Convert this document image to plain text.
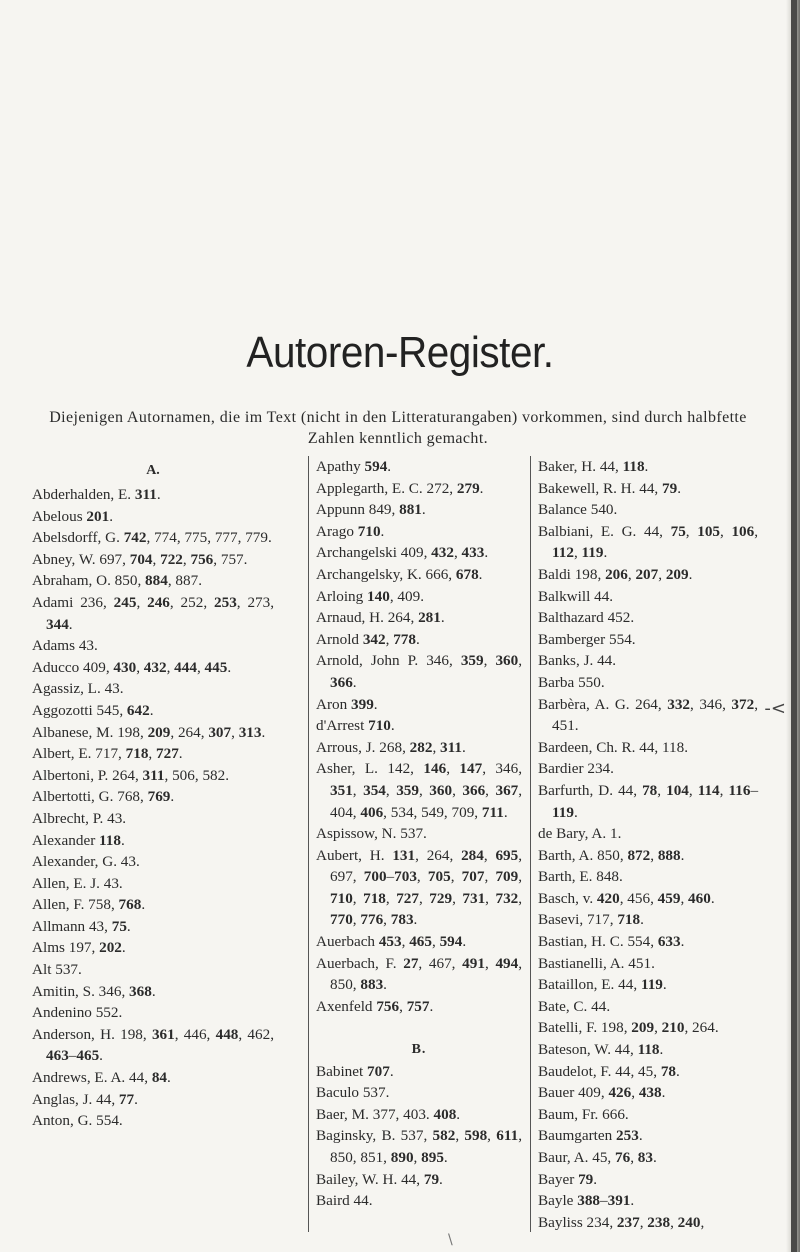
-<
\
Autoren-Register.
Diejenigen Autornamen, die im Text (nicht in den Litteraturangaben) vorkommen, sind durch halbfette Zahlen kenntlich gemacht.
A.

Abderhalden, E. 311.

Abelous 201.

Abelsdorff, G. 742, 774, 775, 777, 779.

Abney, W. 697, 704, 722, 756, 757.

Abraham, O. 850, 884, 887.

Adami 236, 245, 246, 252, 253, 273, 344.

Adams 43.

Aducco 409, 430, 432, 444, 445.

Agassiz, L. 43.

Aggozotti 545, 642.

Albanese, M. 198, 209, 264, 307, 313.

Albert, E. 717, 718, 727.

Albertoni, P. 264, 311, 506, 582.

Albertotti, G. 768, 769.

Albrecht, P. 43.

Alexander 118.

Alexander, G. 43.

Allen, E. J. 43.

Allen, F. 758, 768.

Allmann 43, 75.

Alms 197, 202.

Alt 537.

Amitin, S. 346, 368.

Andenino 552.

Anderson, H. 198, 361, 446, 448, 462, 463–465.

Andrews, E. A. 44, 84.

Anglas, J. 44, 77.

Anton, G. 554.

Apathy 594.

Applegarth, E. C. 272, 279.

Appunn 849, 881.

Arago 710.

Archangelski 409, 432, 433.

Archangelsky, K. 666, 678.

Arloing 140, 409.

Arnaud, H. 264, 281.

Arnold 342, 778.

Arnold, John P. 346, 359, 360, 366.

Aron 399.

d'Arrest 710.

Arrous, J. 268, 282, 311.

Asher, L. 142, 146, 147, 346, 351, 354, 359, 360, 366, 367, 404, 406, 534, 549, 709, 711.

Aspissow, N. 537.

Aubert, H. 131, 264, 284, 695, 697, 700–703, 705, 707, 709, 710, 718, 727, 729, 731, 732, 770, 776, 783.

Auerbach 453, 465, 594.

Auerbach, F. 27, 467, 491, 494, 850, 883.

Axenfeld 756, 757.

B.

Babinet 707.

Baculo 537.

Baer, M. 377, 403. 408.

Baginsky, B. 537, 582, 598, 611, 850, 851, 890, 895.

Bailey, W. H. 44, 79.

Baird 44.

Baker, H. 44, 118.

Bakewell, R. H. 44, 79.

Balance 540.

Balbiani, E. G. 44, 75, 105, 106, 112, 119.

Baldi 198, 206, 207, 209.

Balkwill 44.

Balthazard 452.

Bamberger 554.

Banks, J. 44.

Barba 550.

Barbèra, A. G. 264, 332, 346, 372, 451.

Bardeen, Ch. R. 44, 118.

Bardier 234.

Barfurth, D. 44, 78, 104, 114, 116–119.

de Bary, A. 1.

Barth, A. 850, 872, 888.

Barth, E. 848.

Basch, v. 420, 456, 459, 460.

Basevi, 717, 718.

Bastian, H. C. 554, 633.

Bastianelli, A. 451.

Bataillon, E. 44, 119.

Bate, C. 44.

Batelli, F. 198, 209, 210, 264.

Bateson, W. 44, 118.

Baudelot, F. 44, 45, 78.

Bauer 409, 426, 438.

Baum, Fr. 666.

Baumgarten 253.

Baur, A. 45, 76, 83.

Bayer 79.

Bayle 388–391.

Bayliss 234, 237, 238, 240,
